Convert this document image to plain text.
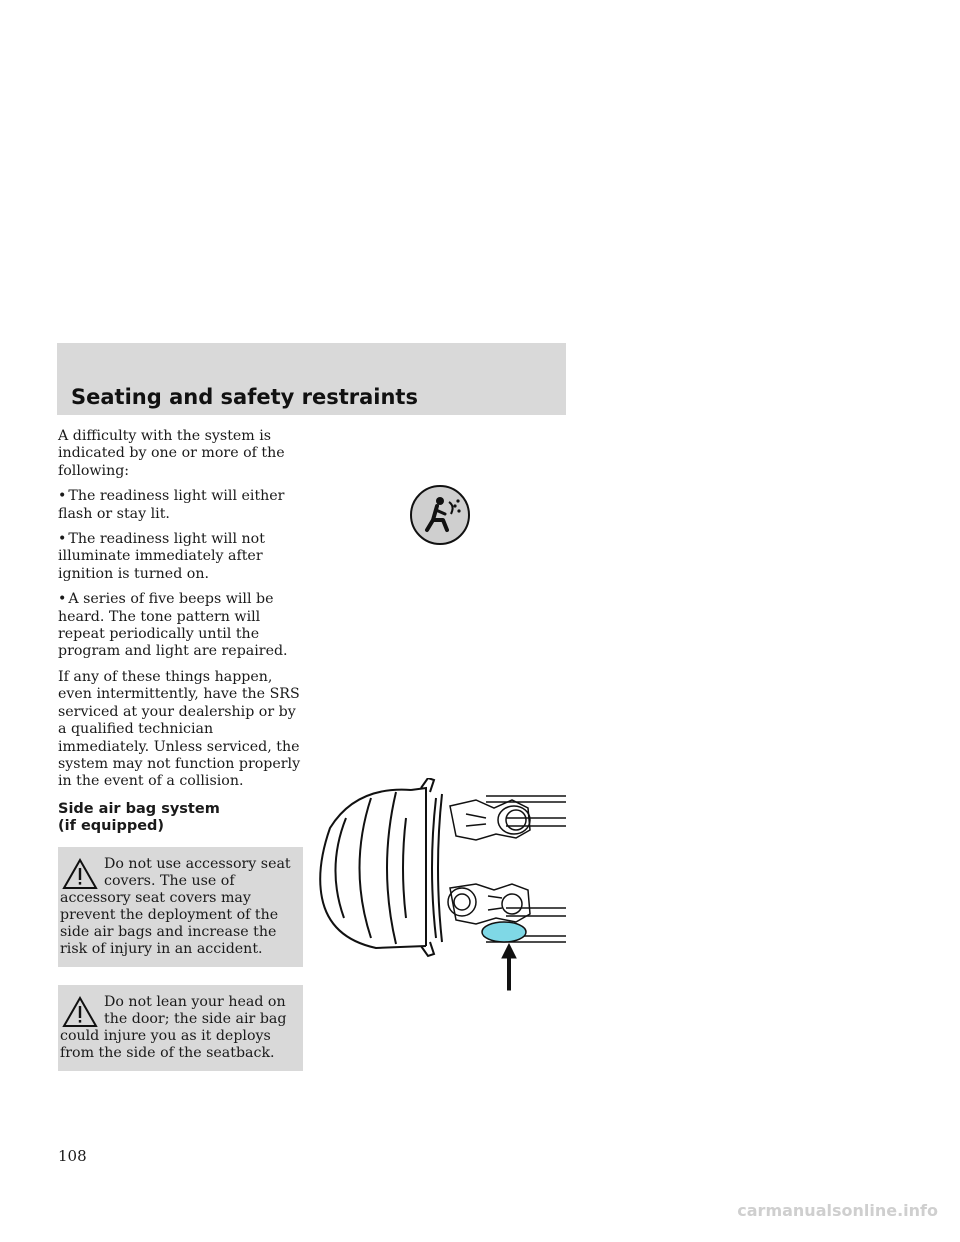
Seating and safety restraints

A difficulty with the system is indicated by one or more of the following:

• The readiness light will either flash or stay lit.

• The readiness light will not illuminate immediately after ignition is turned on.

• A series of five beeps will be heard. The tone pattern will repeat periodically until the program and light are repaired.

If any of these things happen, even intermittently, have the SRS serviced at your dealership or by a qualified technician immediately. Unless serviced, the system may not function properly in the event of a collision.

Side air bag system
(if equipped)
Do not use accessory seat covers. The use of accessory seat covers may prevent the deployment of the side air bags and increase the risk of injury in an accident.
Do not lean your head on the door; the side air bag could injure you as it deploys from the side of the seatback.

108

carmanualsonline.info
